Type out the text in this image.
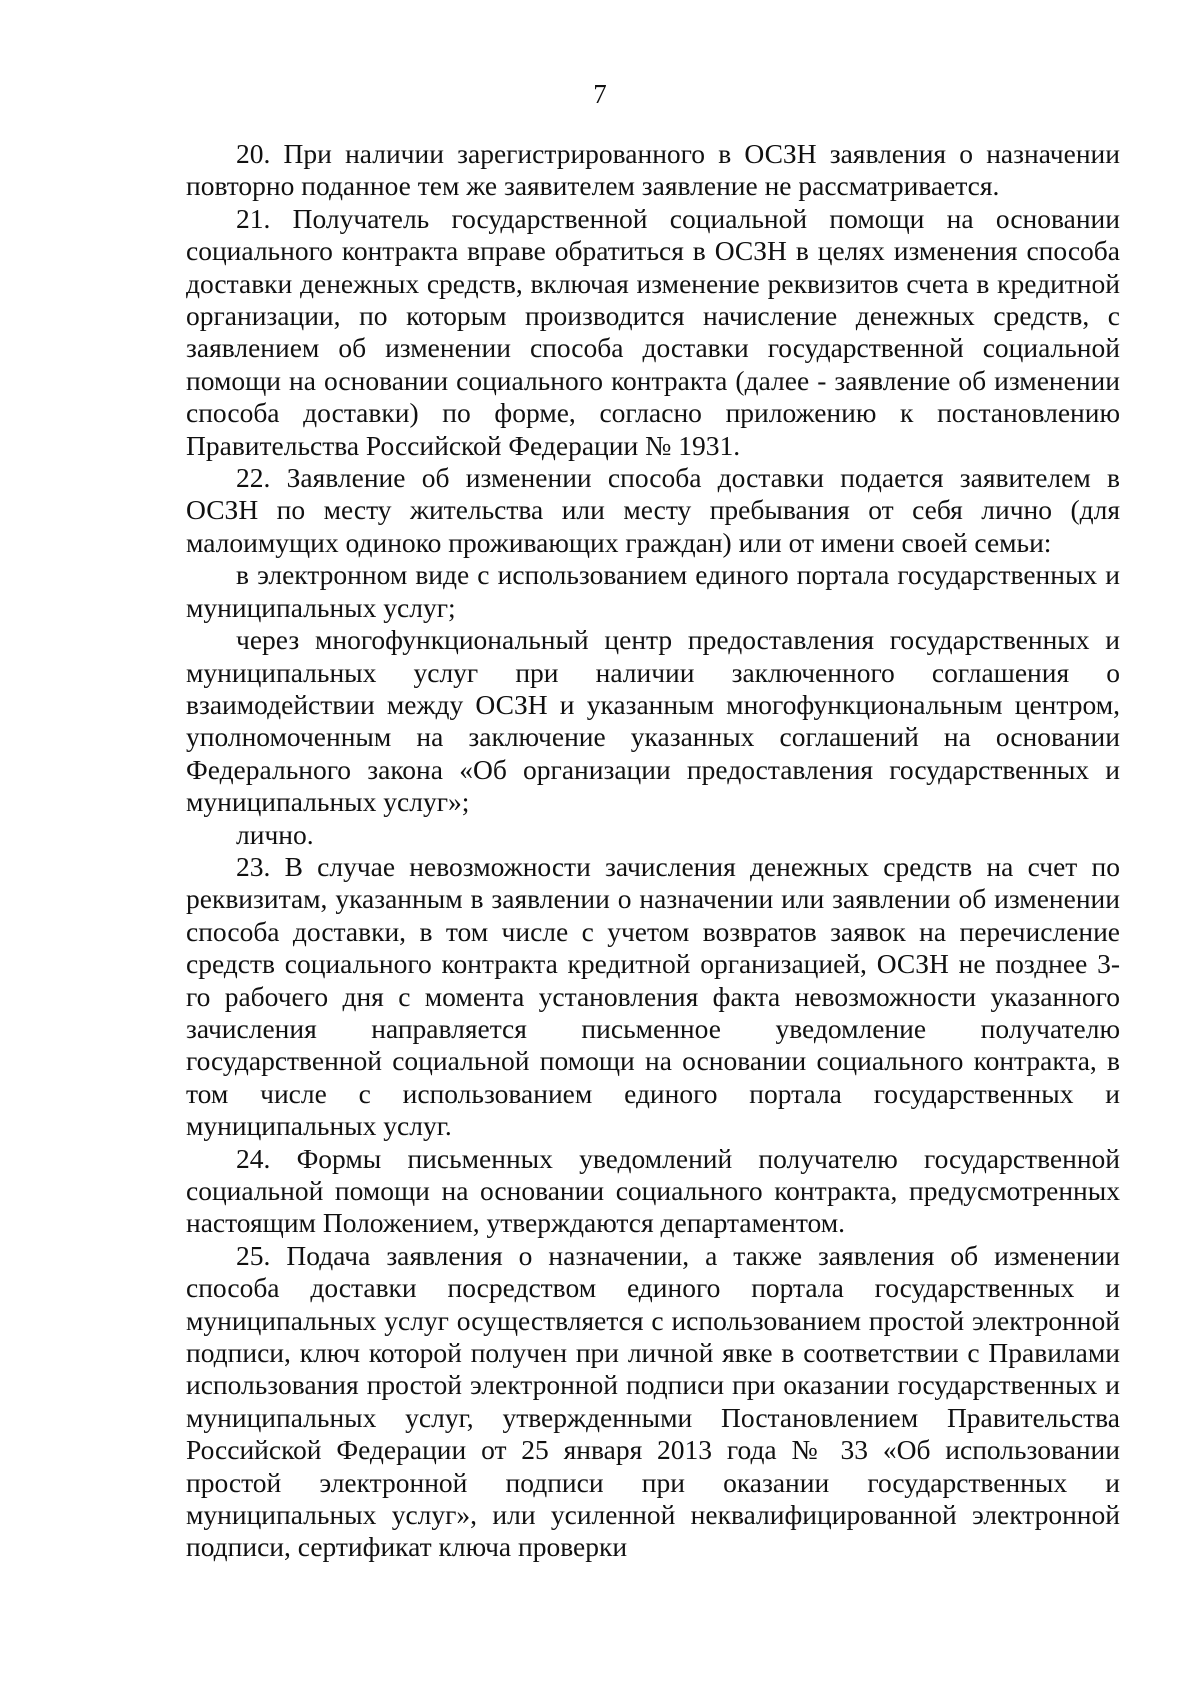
7

20. При наличии зарегистрированного в ОСЗН заявления о назначении повторно поданное тем же заявителем заявление не рассматривается.

21. Получатель государственной социальной помощи на основании социального контракта вправе обратиться в ОСЗН в целях изменения способа доставки денежных средств, включая изменение реквизитов счета в кредитной организации, по которым производится начисление денежных средств, с заявлением об изменении способа доставки государственной социальной помощи на основании социального контракта (далее - заявление об изменении способа доставки) по форме, согласно приложению к постановлению Правительства Российской Федерации № 1931.

22. Заявление об изменении способа доставки подается заявителем в ОСЗН по месту жительства или месту пребывания от себя лично (для малоимущих одиноко проживающих граждан) или от имени своей семьи:

в электронном виде с использованием единого портала государственных и муниципальных услуг;

через многофункциональный центр предоставления государственных и муниципальных услуг при наличии заключенного соглашения о взаимодействии между ОСЗН и указанным многофункциональным центром, уполномоченным на заключение указанных соглашений на основании Федерального закона «Об организации предоставления государственных и муниципальных услуг»;

лично.

23. В случае невозможности зачисления денежных средств на счет по реквизитам, указанным в заявлении о назначении или заявлении об изменении способа доставки, в том числе с учетом возвратов заявок на перечисление средств социального контракта кредитной организацией, ОСЗН не позднее 3-го рабочего дня с момента установления факта невозможности указанного зачисления направляется письменное уведомление получателю государственной социальной помощи на основании социального контракта, в том числе с использованием единого портала государственных и муниципальных услуг.

24. Формы письменных уведомлений получателю государственной социальной помощи на основании социального контракта, предусмотренных настоящим Положением, утверждаются департаментом.

25. Подача заявления о назначении, а также заявления об изменении способа доставки посредством единого портала государственных и муниципальных услуг осуществляется с использованием простой электронной подписи, ключ которой получен при личной явке в соответствии с Правилами использования простой электронной подписи при оказании государственных и муниципальных услуг, утвержденными Постановлением Правительства Российской Федерации от 25 января 2013 года № 33 «Об использовании простой электронной подписи при оказании государственных и муниципальных услуг», или усиленной неквалифицированной электронной подписи, сертификат ключа проверки
